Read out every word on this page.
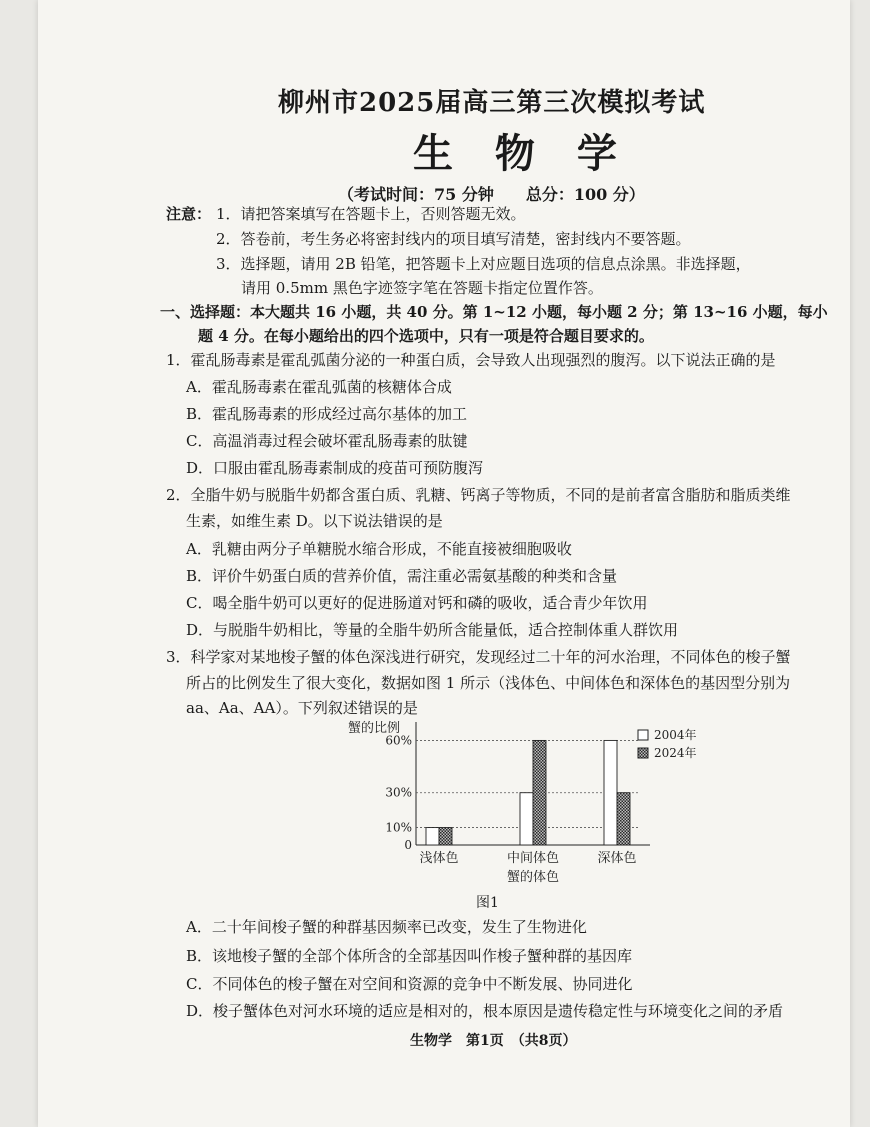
柳州市2025届高三第三次模拟考试
生 物 学
（考试时间：75 分钟　　总分：100 分）
注意： 1．请把答案填写在答题卡上，否则答题无效。
2．答卷前，考生务必将密封线内的项目填写清楚，密封线内不要答题。
3．选择题，请用 2B 铅笔，把答题卡上对应题目选项的信息点涂黑。非选择题，
请用 0.5mm 黑色字迹签字笔在答题卡指定位置作答。
一、选择题：本大题共 16 小题，共 40 分。第 1~12 小题，每小题 2 分；第 13~16 小题，每小
题 4 分。在每小题给出的四个选项中，只有一项是符合题目要求的。
1．霍乱肠毒素是霍乱弧菌分泌的一种蛋白质，会导致人出现强烈的腹泻。以下说法正确的是
A．霍乱肠毒素在霍乱弧菌的核糖体合成
B．霍乱肠毒素的形成经过高尔基体的加工
C．高温消毒过程会破坏霍乱肠毒素的肽键
D．口服由霍乱肠毒素制成的疫苗可预防腹泻
2．全脂牛奶与脱脂牛奶都含蛋白质、乳糖、钙离子等物质，不同的是前者富含脂肪和脂质类维
生素，如维生素 D。以下说法错误的是
A．乳糖由两分子单糖脱水缩合形成，不能直接被细胞吸收
B．评价牛奶蛋白质的营养价值，需注重必需氨基酸的种类和含量
C．喝全脂牛奶可以更好的促进肠道对钙和磷的吸收，适合青少年饮用
D．与脱脂牛奶相比，等量的全脂牛奶所含能量低，适合控制体重人群饮用
3．科学家对某地梭子蟹的体色深浅进行研究，发现经过二十年的河水治理，不同体色的梭子蟹
所占的比例发生了很大变化，数据如图 1 所示（浅体色、中间体色和深体色的基因型分别为
aa、Aa、AA）。下列叙述错误的是
蟹的比例
60%
30%
10%
0
浅体色	中间体色	深体色
蟹的体色
2004年
2024年
图1
A．二十年间梭子蟹的种群基因频率已改变，发生了生物进化
B．该地梭子蟹的全部个体所含的全部基因叫作梭子蟹种群的基因库
C．不同体色的梭子蟹在对空间和资源的竞争中不断发展、协同进化
D．梭子蟹体色对河水环境的适应是相对的，根本原因是遗传稳定性与环境变化之间的矛盾
生物学　第1页　（共8页）
